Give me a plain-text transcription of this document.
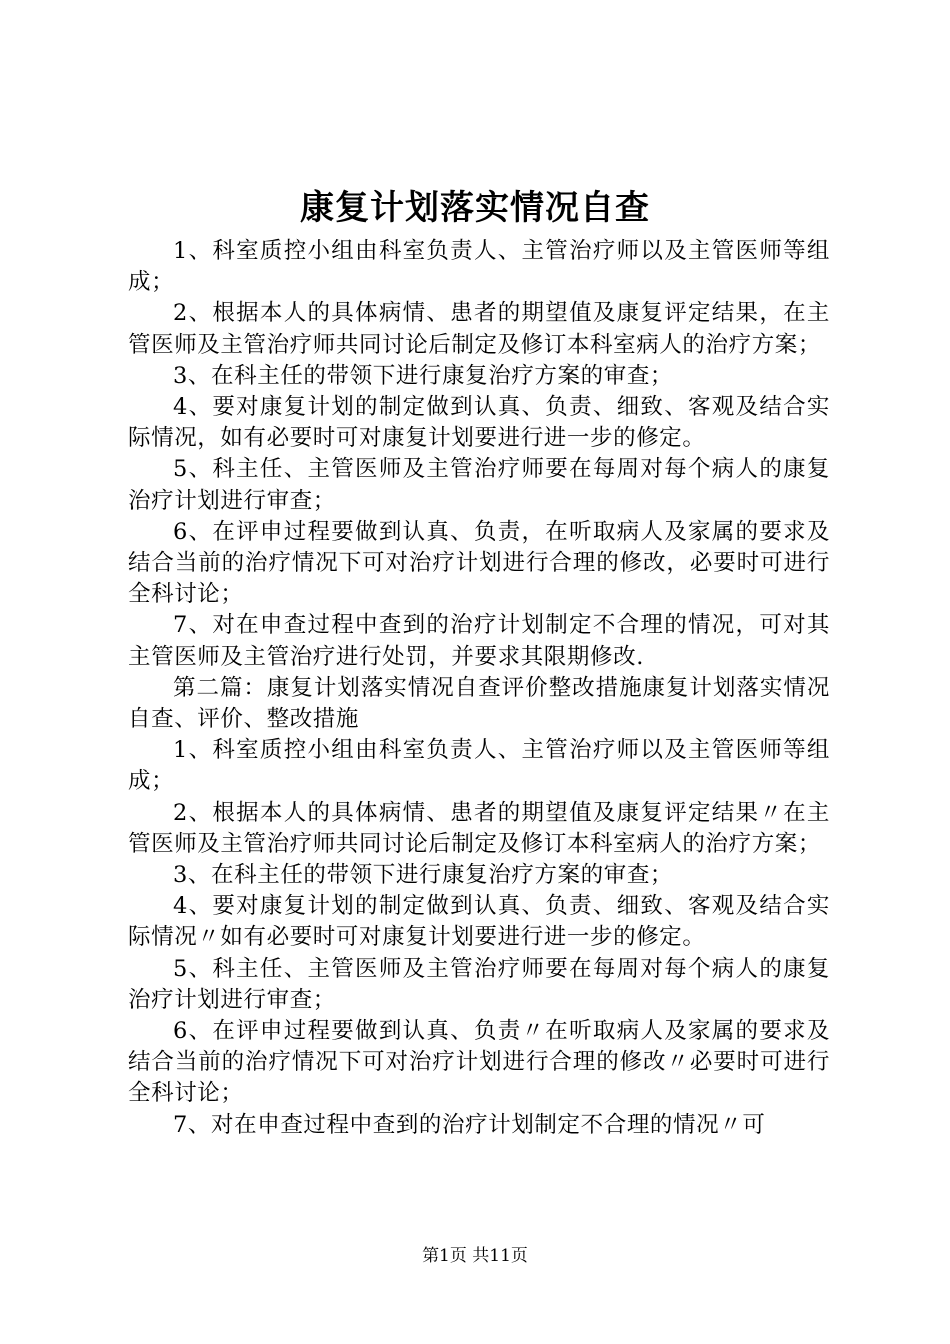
康复计划落实情况自查

1、科室质控小组由科室负责人、主管治疗师以及主管医师等组成；

2、根据本人的具体病情、患者的期望值及康复评定结果，在主管医师及主管治疗师共同讨论后制定及修订本科室病人的治疗方案；

3、在科主任的带领下进行康复治疗方案的审查；

4、要对康复计划的制定做到认真、负责、细致、客观及结合实际情况，如有必要时可对康复计划要进行进一步的修定。

5、科主任、主管医师及主管治疗师要在每周对每个病人的康复治疗计划进行审查；

6、在评申过程要做到认真、负责，在听取病人及家属的要求及结合当前的治疗情况下可对治疗计划进行合理的修改，必要时可进行全科讨论；

7、对在申查过程中查到的治疗计划制定不合理的情况，可对其主管医师及主管治疗进行处罚，并要求其限期修改.

第二篇：康复计划落实情况自查评价整改措施康复计划落实情况自查、评价、整改措施

1、科室质控小组由科室负责人、主管治疗师以及主管医师等组成；

2、根据本人的具体病情、患者的期望值及康复评定结果〃在主管医师及主管治疗师共同讨论后制定及修订本科室病人的治疗方案；

3、在科主任的带领下进行康复治疗方案的审查；

4、要对康复计划的制定做到认真、负责、细致、客观及结合实际情况〃如有必要时可对康复计划要进行进一步的修定。

5、科主任、主管医师及主管治疗师要在每周对每个病人的康复治疗计划进行审查；

6、在评申过程要做到认真、负责〃在听取病人及家属的要求及结合当前的治疗情况下可对治疗计划进行合理的修改〃必要时可进行全科讨论；

7、对在申查过程中查到的治疗计划制定不合理的情况〃可

第1页 共11页
